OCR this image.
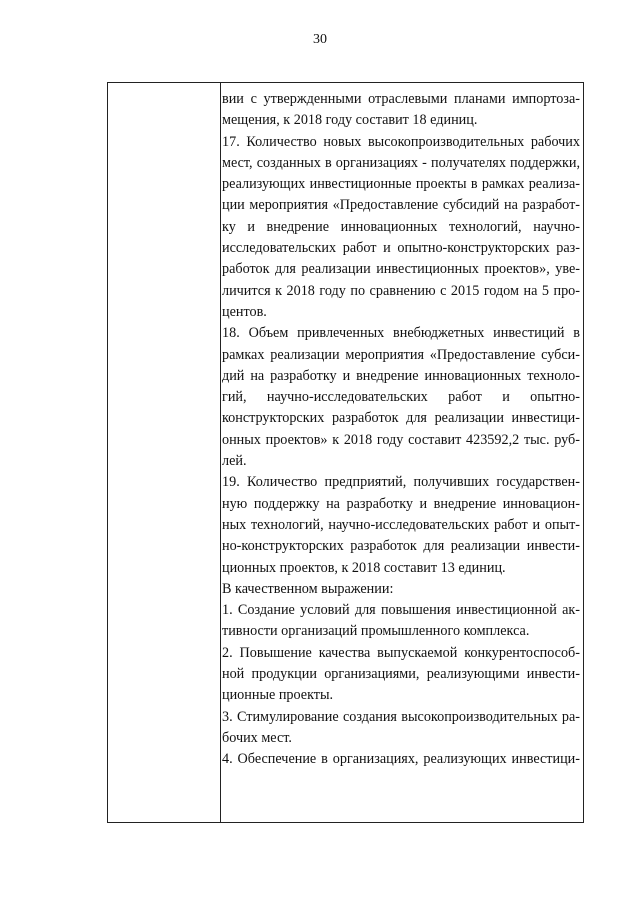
30
вии с утвержденными отраслевыми планами импортоза-
мещения, к 2018 году составит 18 единиц.
17. Количество новых высокопроизводительных рабочих
мест, созданных в организациях - получателях поддержки,
реализующих инвестиционные проекты в рамках реализа-
ции мероприятия «Предоставление субсидий на разработ-
ку и внедрение инновационных технологий, научно-
исследовательских работ и опытно-конструкторских раз-
работок для реализации инвестиционных проектов», уве-
личится к 2018 году по сравнению с 2015 годом на 5 про-
центов.
18. Объем привлеченных внебюджетных инвестиций в
рамках реализации мероприятия «Предоставление субси-
дий на разработку и внедрение инновационных техноло-
гий, научно-исследовательских работ и опытно-
конструкторских разработок для реализации инвестици-
онных проектов» к 2018 году составит 423592,2 тыс. руб-
лей.
19. Количество предприятий, получивших государствен-
ную поддержку на разработку и внедрение инновацион-
ных технологий, научно-исследовательских работ и опыт-
но-конструкторских разработок для реализации инвести-
ционных проектов, к 2018 составит 13 единиц.
В качественном выражении:
1. Создание условий для повышения инвестиционной ак-
тивности организаций промышленного комплекса.
2. Повышение качества выпускаемой конкурентоспособ-
ной продукции организациями, реализующими инвести-
ционные проекты.
3. Стимулирование создания высокопроизводительных ра-
бочих мест.
4. Обеспечение в организациях, реализующих инвестици-
